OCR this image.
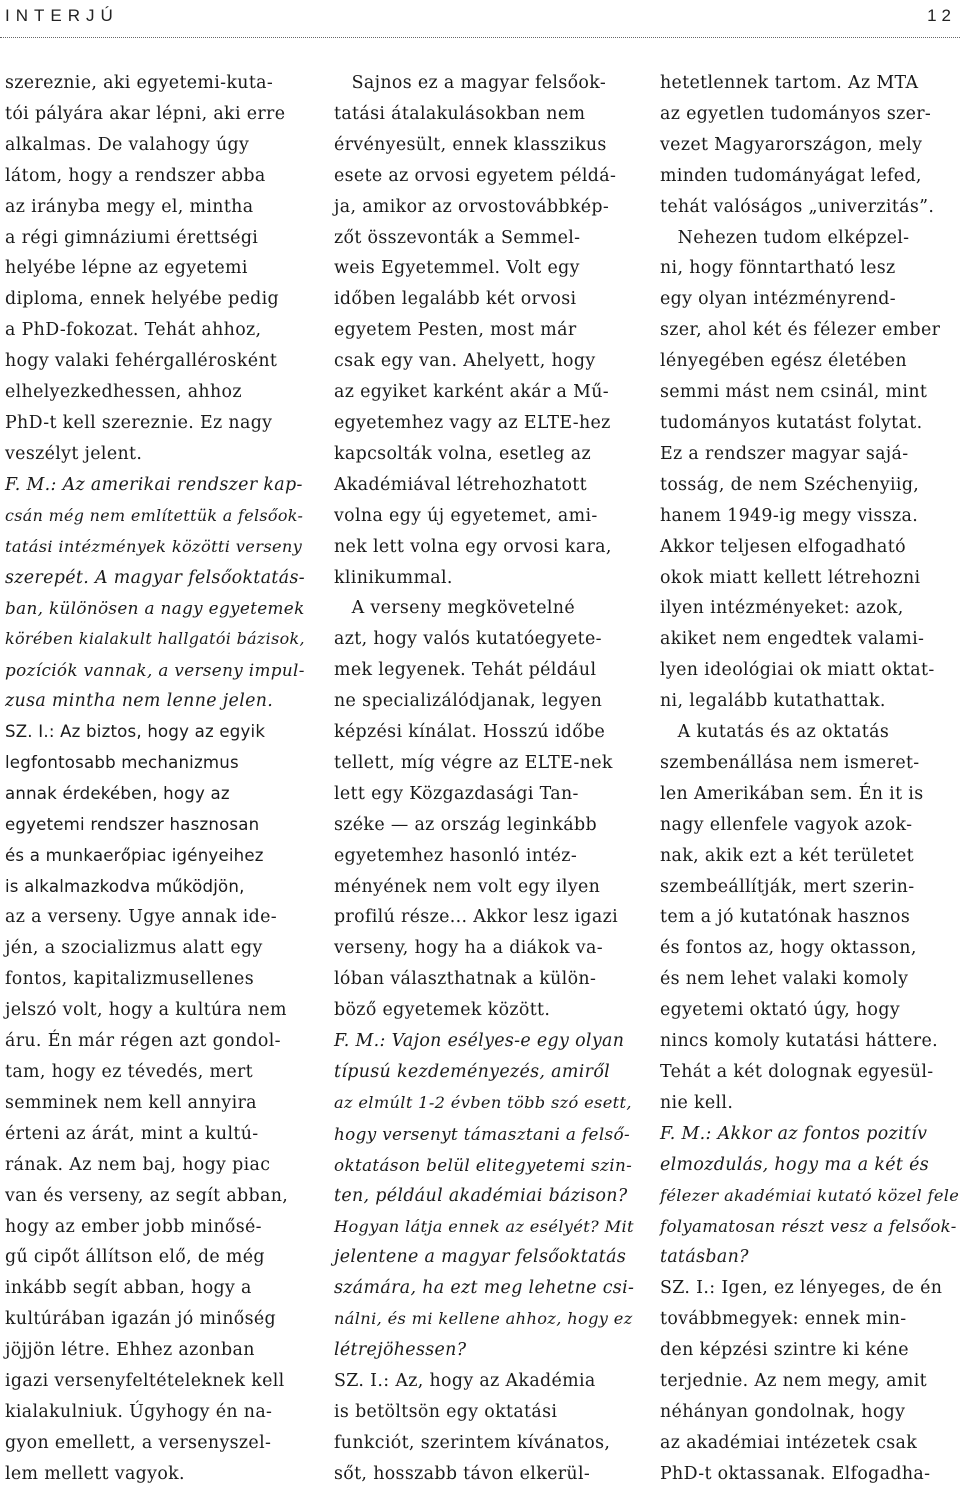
INTERJÚ	12

szereznie, aki egyetemi-kuta-

tói pályára akar lépni, aki erre

alkalmas. De valahogy úgy

látom, hogy a rendszer abba

az irányba megy el, mintha

a régi gimnáziumi érettségi

helyébe lépne az egyetemi

diploma, ennek helyébe pedig

a PhD-fokozat. Tehát ahhoz,

hogy valaki fehérgallérosként

elhelyezkedhessen, ahhoz

PhD-t kell szereznie. Ez nagy

veszélyt jelent.

F. M.: Az amerikai rendszer kap-

csán még nem említettük a felsőok-

tatási intézmények közötti verseny

szerepét. A magyar felsőoktatás-

ban, különösen a nagy egyetemek

körében kialakult hallgatói bázisok,

pozíciók vannak, a verseny impul-

zusa mintha nem lenne jelen.

SZ. I.: Az biztos, hogy az egyik

legfontosabb mechanizmus

annak érdekében, hogy az

egyetemi rendszer hasznosan

és a munkaerőpiac igényeihez

is alkalmazkodva működjön,

az a verseny. Ugye annak ide-

jén, a szocializmus alatt egy

fontos, kapitalizmusellenes

jelszó volt, hogy a kultúra nem

áru. Én már régen azt gondol-

tam, hogy ez tévedés, mert

semminek nem kell annyira

érteni az árát, mint a kultú-

rának. Az nem baj, hogy piac

van és verseny, az segít abban,

hogy az ember jobb minősé-

gű cipőt állítson elő, de még

inkább segít abban, hogy a

kultúrában igazán jó minőség

jöjjön létre. Ehhez azonban

igazi versenyfeltételeknek kell

kialakulniuk. Úgyhogy én na-

gyon emellett, a versenyszel-

lem mellett vagyok.

Sajnos ez a magyar felsőok-

tatási átalakulásokban nem

érvényesült, ennek klasszikus

esete az orvosi egyetem példá-

ja, amikor az orvostovábbkép-

zőt összevonták a Semmel-

weis Egyetemmel. Volt egy

időben legalább két orvosi

egyetem Pesten, most már

csak egy van. Ahelyett, hogy

az egyiket karként akár a Mű-

egyetemhez vagy az ELTE-hez

kapcsolták volna, esetleg az

Akadémiával létrehozhatott

volna egy új egyetemet, ami-

nek lett volna egy orvosi kara,

klinikummal.

A verseny megkövetelné

azt, hogy valós kutatóegyete-

mek legyenek. Tehát például

ne specializálódjanak, legyen

képzési kínálat. Hosszú időbe

tellett, míg végre az ELTE-nek

lett egy Közgazdasági Tan-

széke — az ország leginkább

egyetemhez hasonló intéz-

ményének nem volt egy ilyen

profilú része... Akkor lesz igazi

verseny, hogy ha a diákok va-

lóban választhatnak a külön-

böző egyetemek között.

F. M.: Vajon esélyes-e egy olyan

típusú kezdeményezés, amiről

az elmúlt 1-2 évben több szó esett,

hogy versenyt támasztani a felső-

oktatáson belül elitegyetemi szin-

ten, például akadémiai bázison?

Hogyan látja ennek az esélyét? Mit

jelentene a magyar felsőoktatás

számára, ha ezt meg lehetne csi-

nálni, és mi kellene ahhoz, hogy ez

létrejöhessen?

SZ. I.: Az, hogy az Akadémia

is betöltsön egy oktatási

funkciót, szerintem kívánatos,

sőt, hosszabb távon elkerül-

hetetlennek tartom. Az MTA

az egyetlen tudományos szer-

vezet Magyarországon, mely

minden tudományágat lefed,

tehát valóságos „univerzitás”.

Nehezen tudom elképzel-

ni, hogy fönntartható lesz

egy olyan intézményrend-

szer, ahol két és félezer ember

lényegében egész életében

semmi mást nem csinál, mint

tudományos kutatást folytat.

Ez a rendszer magyar sajá-

tosság, de nem Széchenyiig,

hanem 1949-ig megy vissza.

Akkor teljesen elfogadható

okok miatt kellett létrehozni

ilyen intézményeket: azok,

akiket nem engedtek valami-

lyen ideológiai ok miatt oktat-

ni, legalább kutathattak.

A kutatás és az oktatás

szembenállása nem ismeret-

len Amerikában sem. Én it is

nagy ellenfele vagyok azok-

nak, akik ezt a két területet

szembeállítják, mert szerin-

tem a jó kutatónak hasznos

és fontos az, hogy oktasson,

és nem lehet valaki komoly

egyetemi oktató úgy, hogy

nincs komoly kutatási háttere.

Tehát a két dolognak egyesül-

nie kell.

F. M.: Akkor az fontos pozitív

elmozdulás, hogy ma a két és

félezer akadémiai kutató közel fele

folyamatosan részt vesz a felsőok-

tatásban?

SZ. I.: Igen, ez lényeges, de én

továbbmegyek: ennek min-

den képzési szintre ki kéne

terjednie. Az nem megy, amit

néhányan gondolnak, hogy

az akadémiai intézetek csak

PhD-t oktassanak. Elfogadha-
